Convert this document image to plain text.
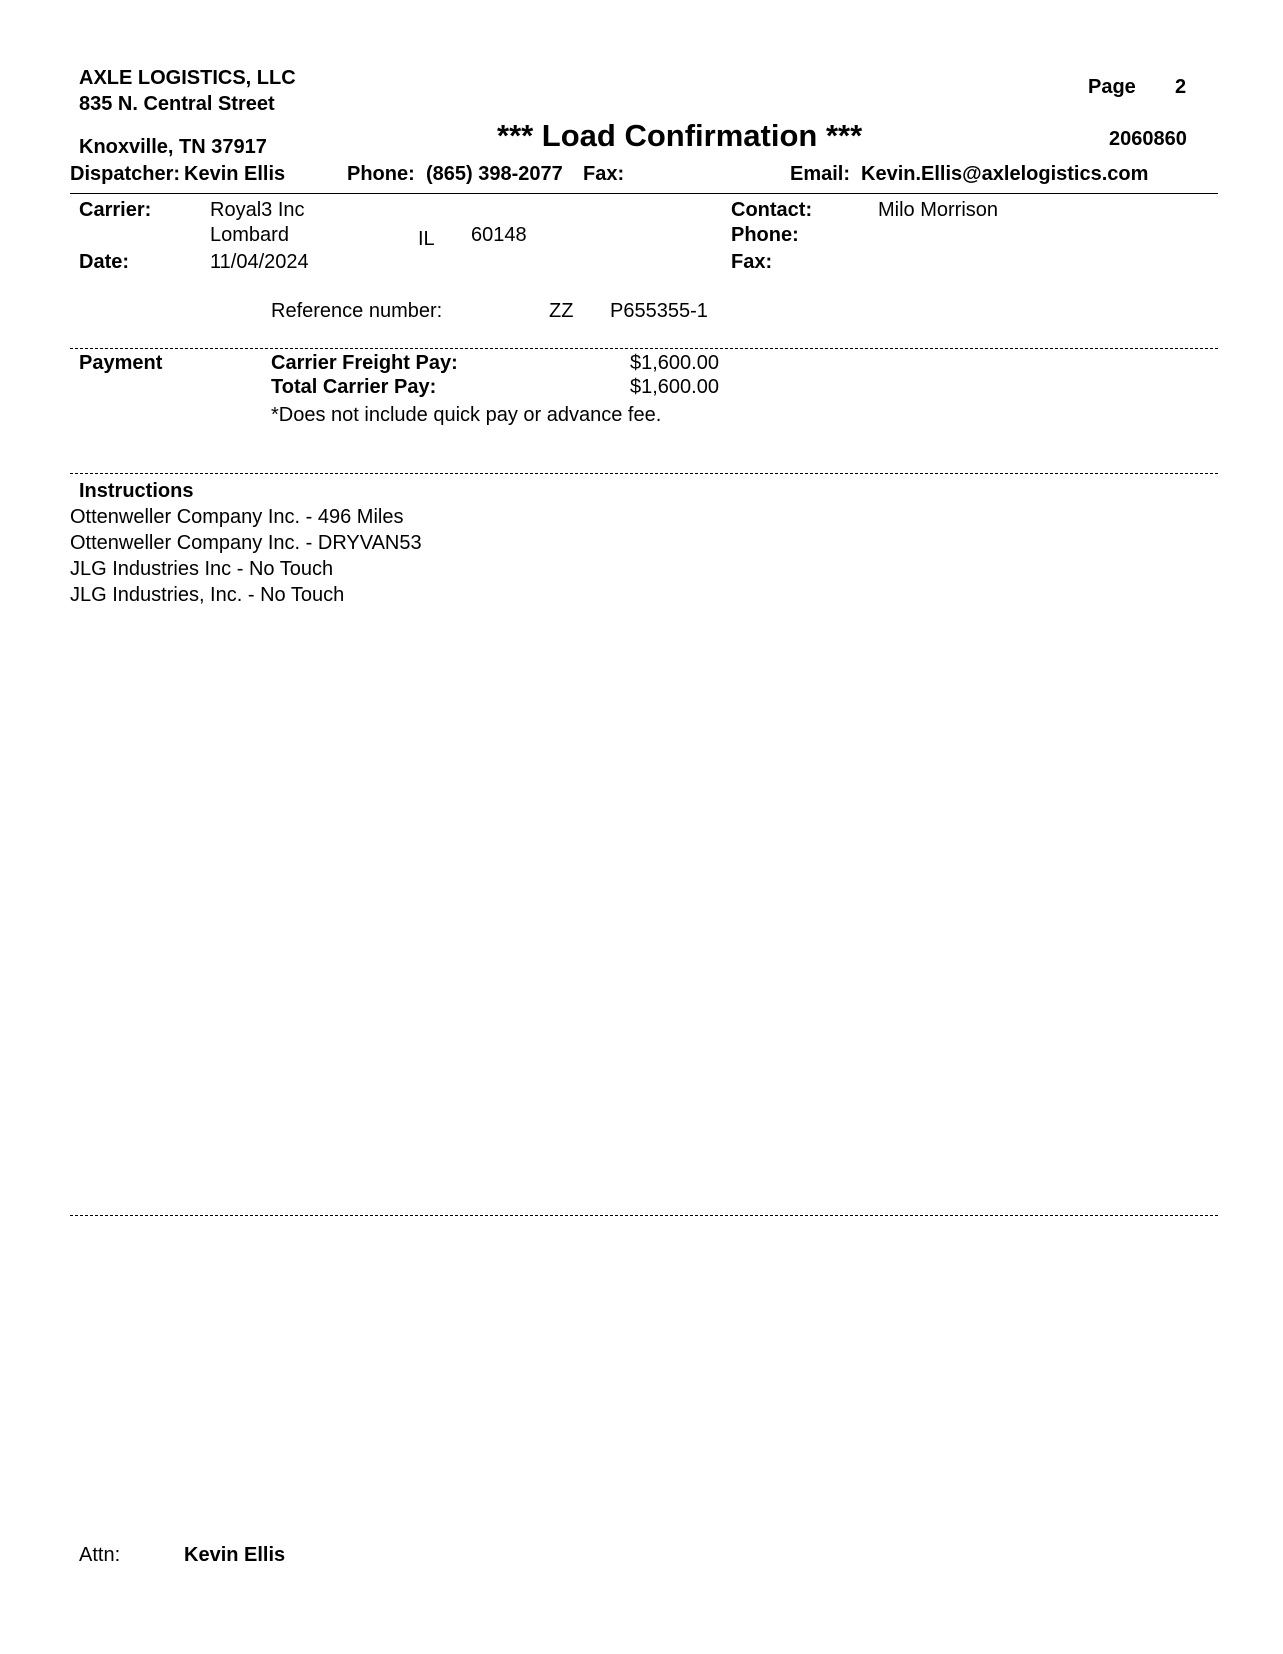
AXLE LOGISTICS, LLC
835 N. Central Street
Knoxville, TN 37917
Page 2
*** Load Confirmation ***	2060860
Dispatcher: Kevin Ellis	Phone: (865) 398-2077 Fax:	Email: Kevin.Ellis@axlelogistics.com
Carrier:	Royal3 Inc
Lombard	IL 60148
Date:	11/04/2024
Contact:	Milo Morrison
Phone:
Fax:
Reference number:	ZZ P655355-1
Payment	Carrier Freight Pay:	$1,600.00
Total Carrier Pay:	$1,600.00
*Does not include quick pay or advance fee.
Instructions
Ottenweller Company Inc. - 496 Miles
Ottenweller Company Inc. - DRYVAN53
JLG Industries Inc - No Touch
JLG Industries, Inc. - No Touch
Attn:	Kevin Ellis
